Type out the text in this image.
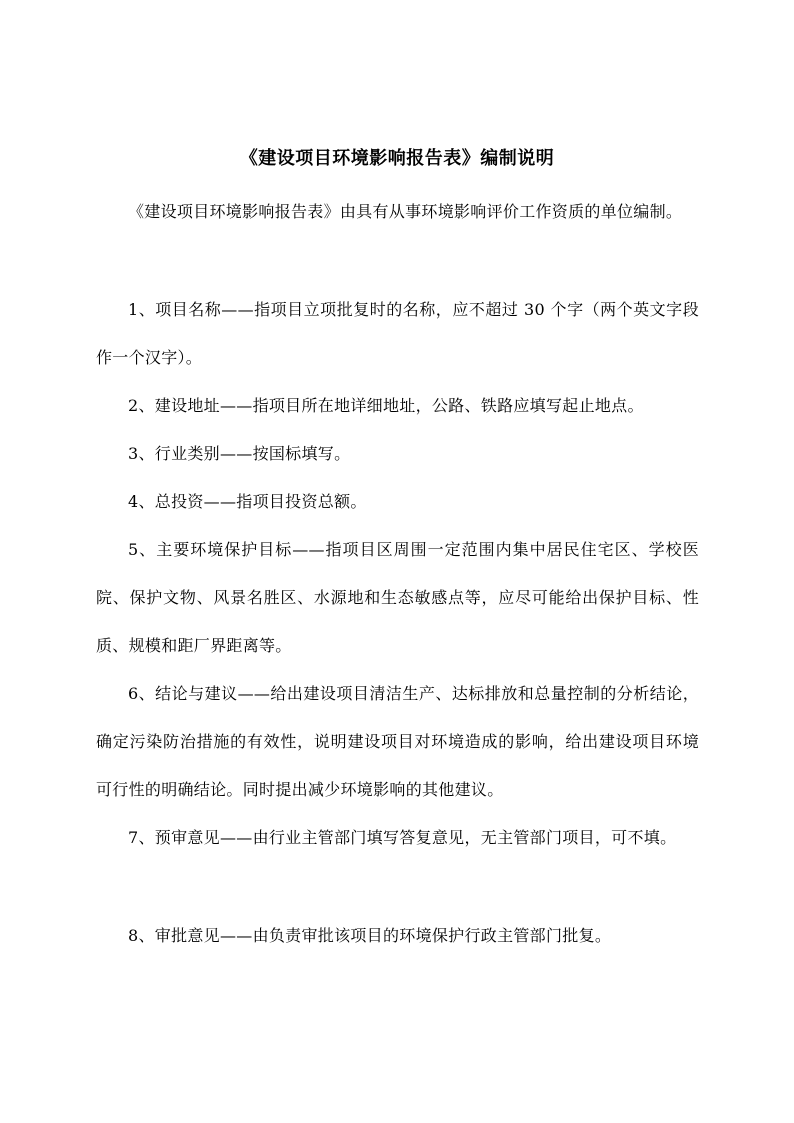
《建设项目环境影响报告表》编制说明
《建设项目环境影响报告表》由具有从事环境影响评价工作资质的单位编制。
1、项目名称——指项目立项批复时的名称，应不超过 30 个字（两个英文字段作一个汉字）。
2、建设地址——指项目所在地详细地址，公路、铁路应填写起止地点。
3、行业类别——按国标填写。
4、总投资——指项目投资总额。
5、主要环境保护目标——指项目区周围一定范围内集中居民住宅区、学校医院、保护文物、风景名胜区、水源地和生态敏感点等，应尽可能给出保护目标、性质、规模和距厂界距离等。
6、结论与建议——给出建设项目清洁生产、达标排放和总量控制的分析结论，确定污染防治措施的有效性，说明建设项目对环境造成的影响，给出建设项目环境可行性的明确结论。同时提出减少环境影响的其他建议。
7、预审意见——由行业主管部门填写答复意见，无主管部门项目，可不填。
8、审批意见——由负责审批该项目的环境保护行政主管部门批复。
